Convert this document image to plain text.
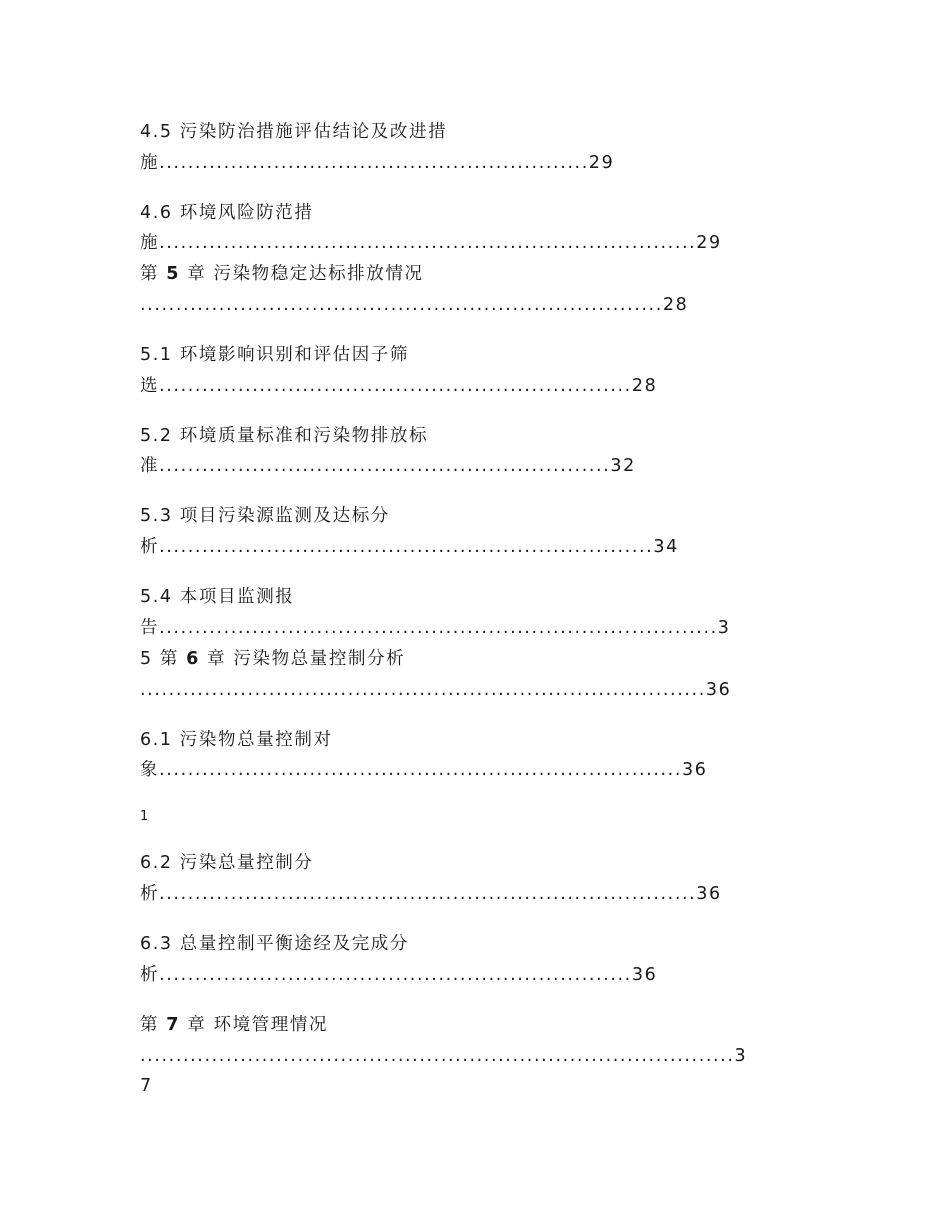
4.5 污染防治措施评估结论及改进措
施............................................................29
4.6 环境风险防范措
施...........................................................................29
第 5 章 污染物稳定达标排放情况
.........................................................................28
5.1 环境影响识别和评估因子筛
选..................................................................28
5.2 环境质量标准和污染物排放标
准...............................................................32
5.3 项目污染源监测及达标分
析.....................................................................34
5.4 本项目监测报
告..............................................................................3
5 第 6 章 污染物总量控制分析
...............................................................................36
6.1 污染物总量控制对
象.........................................................................36
1
6.2 污染总量控制分
析...........................................................................36
6.3 总量控制平衡途经及完成分
析..................................................................36
第 7 章 环境管理情况
...................................................................................3
7
